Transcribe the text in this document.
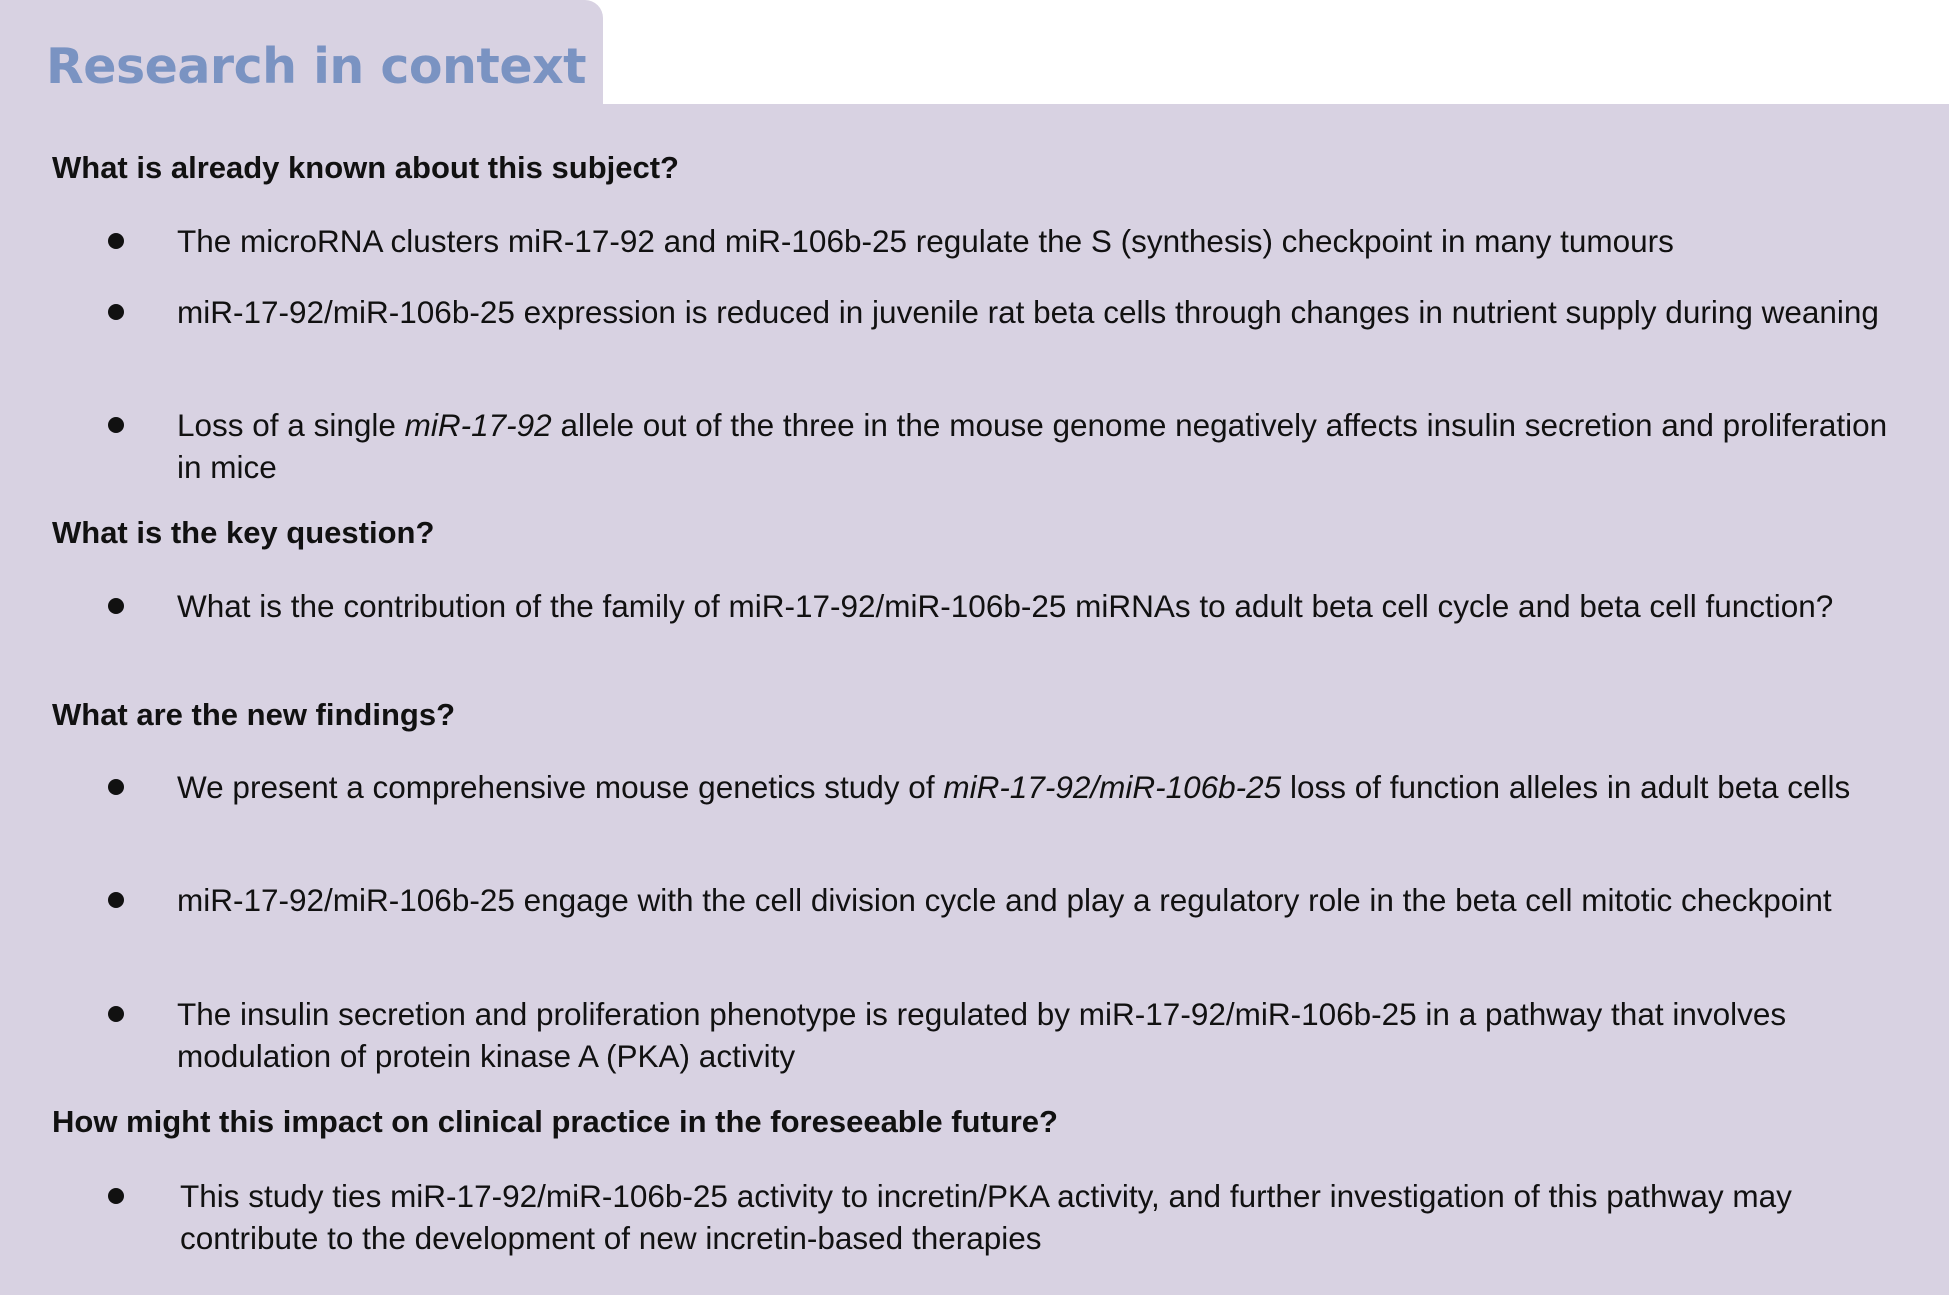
Research in context
What is already known about this subject?
The microRNA clusters miR-17-92 and miR-106b-25 regulate the S (synthesis) checkpoint in many tumours
miR-17-92/miR-106b-25 expression is reduced in juvenile rat beta cells through changes in nutrient supply during weaning
Loss of a single miR-17-92 allele out of the three in the mouse genome negatively affects insulin secretion and proliferation in mice
What is the key question?
What is the contribution of the family of miR-17-92/miR-106b-25 miRNAs to adult beta cell cycle and beta cell function?
What are the new findings?
We present a comprehensive mouse genetics study of miR-17-92/miR-106b-25 loss of function alleles in adult beta cells
miR-17-92/miR-106b-25 engage with the cell division cycle and play a regulatory role in the beta cell mitotic checkpoint
The insulin secretion and proliferation phenotype is regulated by miR-17-92/miR-106b-25 in a pathway that involves modulation of protein kinase A (PKA) activity
How might this impact on clinical practice in the foreseeable future?
This study ties miR-17-92/miR-106b-25 activity to incretin/PKA activity, and further investigation of this pathway may contribute to the development of new incretin-based therapies
